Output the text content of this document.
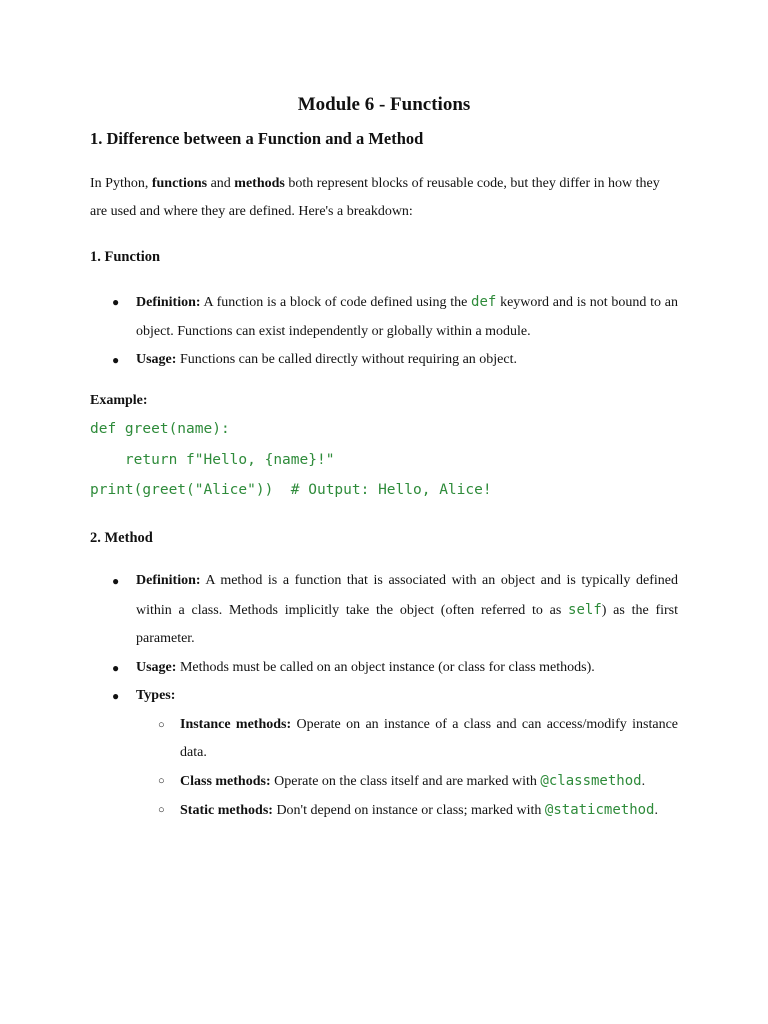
Module 6 - Functions
1. Difference between a Function and a Method

In Python, functions and methods both represent blocks of reusable code, but they differ in how they are used and where they are defined. Here's a breakdown:

1. Function
● Definition: A function is a block of code defined using the def keyword and is not bound to an object. Functions can exist independently or globally within a module.
● Usage: Functions can be called directly without requiring an object.

Example:

def greet(name):
return f"Hello, {name}!"
print(greet("Alice"))  # Output: Hello, Alice!
2. Method
● Definition: A method is a function that is associated with an object and is typically defined within a class. Methods implicitly take the object (often referred to as self) as the first parameter.
● Usage: Methods must be called on an object instance (or class for class methods).
● Types:
○ Instance methods: Operate on an instance of a class and can access/modify instance data.
○ Class methods: Operate on the class itself and are marked with @classmethod.
○ Static methods: Don't depend on instance or class; marked with @staticmethod.
